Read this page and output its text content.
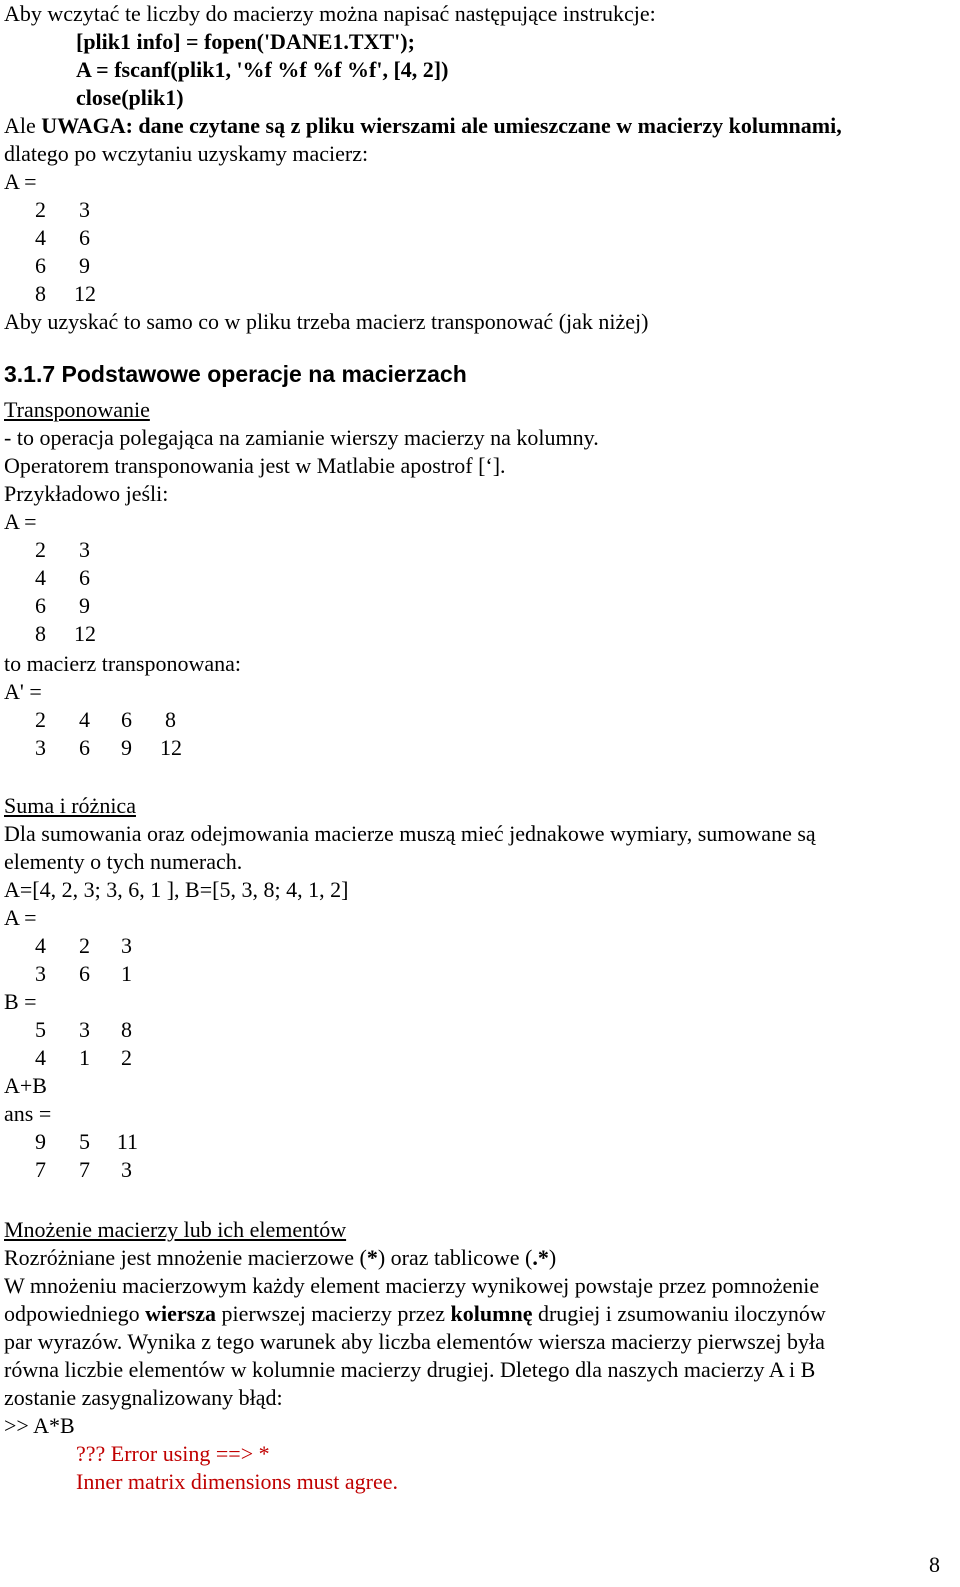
Aby wczytać te liczby do macierzy można napisać następujące instrukcje:
[plik1 info] = fopen('DANE1.TXT');
A = fscanf(plik1, '%f %f %f %f', [4, 2])
close(plik1)
Ale UWAGA: dane czytane są z pliku wierszami ale umieszczane w macierzy kolumnami,
dlatego po wczytaniu uzyskamy macierz:
A =
2	3
4	6
6	9
8	12
Aby uzyskać to samo co w pliku trzeba macierz transponować (jak niżej)
3.1.7 Podstawowe operacje na macierzach
Transponowanie
- to operacja polegająca na zamianie wierszy macierzy na kolumny.
Operatorem transponowania jest w Matlabie apostrof [‘].
Przykładowo jeśli:
A =
2	3
4	6
6	9
8	12
to macierz transponowana:
A' =
2	4	6	8
3	6	9	12
Suma i różnica
Dla sumowania oraz odejmowania macierze muszą mieć jednakowe wymiary, sumowane są
elementy o tych numerach.
A=[4, 2, 3; 3, 6, 1 ], B=[5, 3, 8; 4, 1, 2]
A =
4	2	3
3	6	1
B =
5	3	8
4	1	2
A+B
ans =
9	5	11
7	7	3
Mnożenie macierzy lub ich elementów
Rozróżniane jest mnożenie macierzowe (*) oraz tablicowe (.*)
W mnożeniu macierzowym każdy element macierzy wynikowej powstaje przez pomnożenie
odpowiedniego wiersza pierwszej macierzy przez kolumnę drugiej i zsumowaniu iloczynów
par wyrazów. Wynika z tego warunek aby liczba elementów wiersza macierzy pierwszej była
równa liczbie elementów w kolumnie macierzy drugiej. Dletego dla naszych macierzy A i B
zostanie zasygnalizowany błąd:
>> A*B
??? Error using ==> *
Inner matrix dimensions must agree.
8
